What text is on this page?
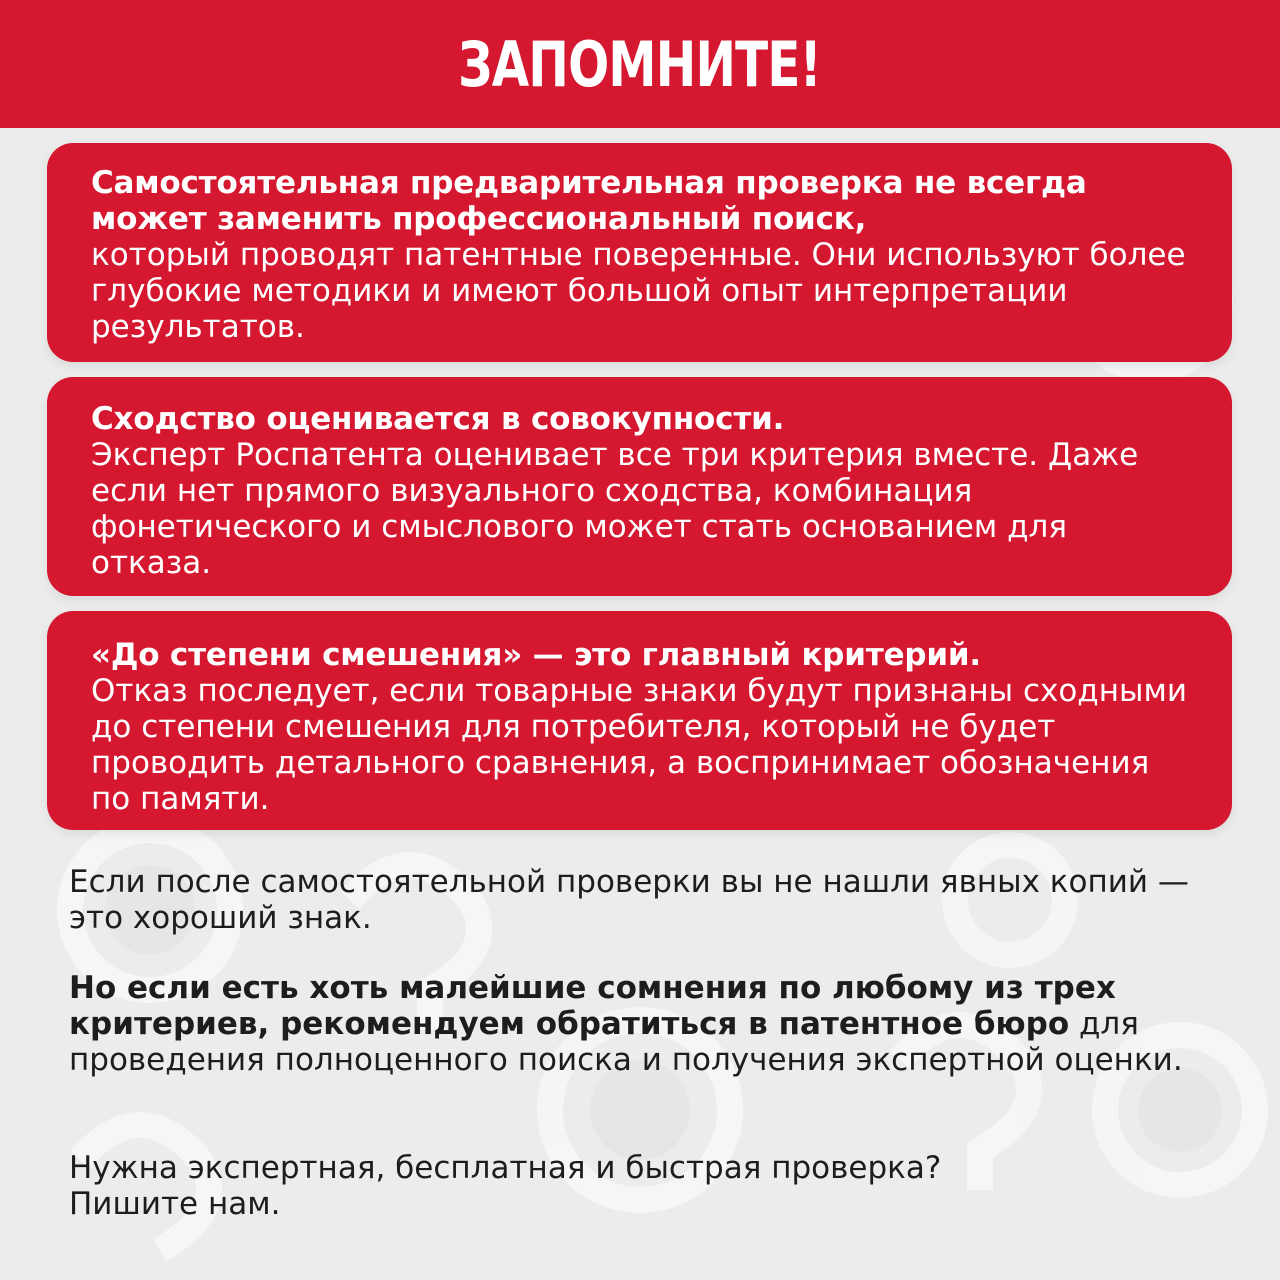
ЗАПОМНИТЕ!
Самостоятельная предварительная проверка не всегда может заменить профессиональный поиск,
который проводят патентные поверенные. Они используют более глубокие методики и имеют большой опыт интерпретации результатов.
Сходство оценивается в совокупности.
Эксперт Роспатента оценивает все три критерия вместе. Даже если нет прямого визуального сходства, комбинация фонетического и смыслового может стать основанием для отказа.
«До степени смешения» — это главный критерий.
Отказ последует, если товарные знаки будут признаны сходными до степени смешения для потребителя, который не будет проводить детального сравнения, а воспринимает обозначения по памяти.
Если после самостоятельной проверки вы не нашли явных копий — это хороший знак.
Но если есть хоть малейшие сомнения по любому из трех критериев, рекомендуем обратиться в патентное бюро для проведения полноценного поиска и получения экспертной оценки.
Нужна экспертная, бесплатная и быстрая проверка?
Пишите нам.
